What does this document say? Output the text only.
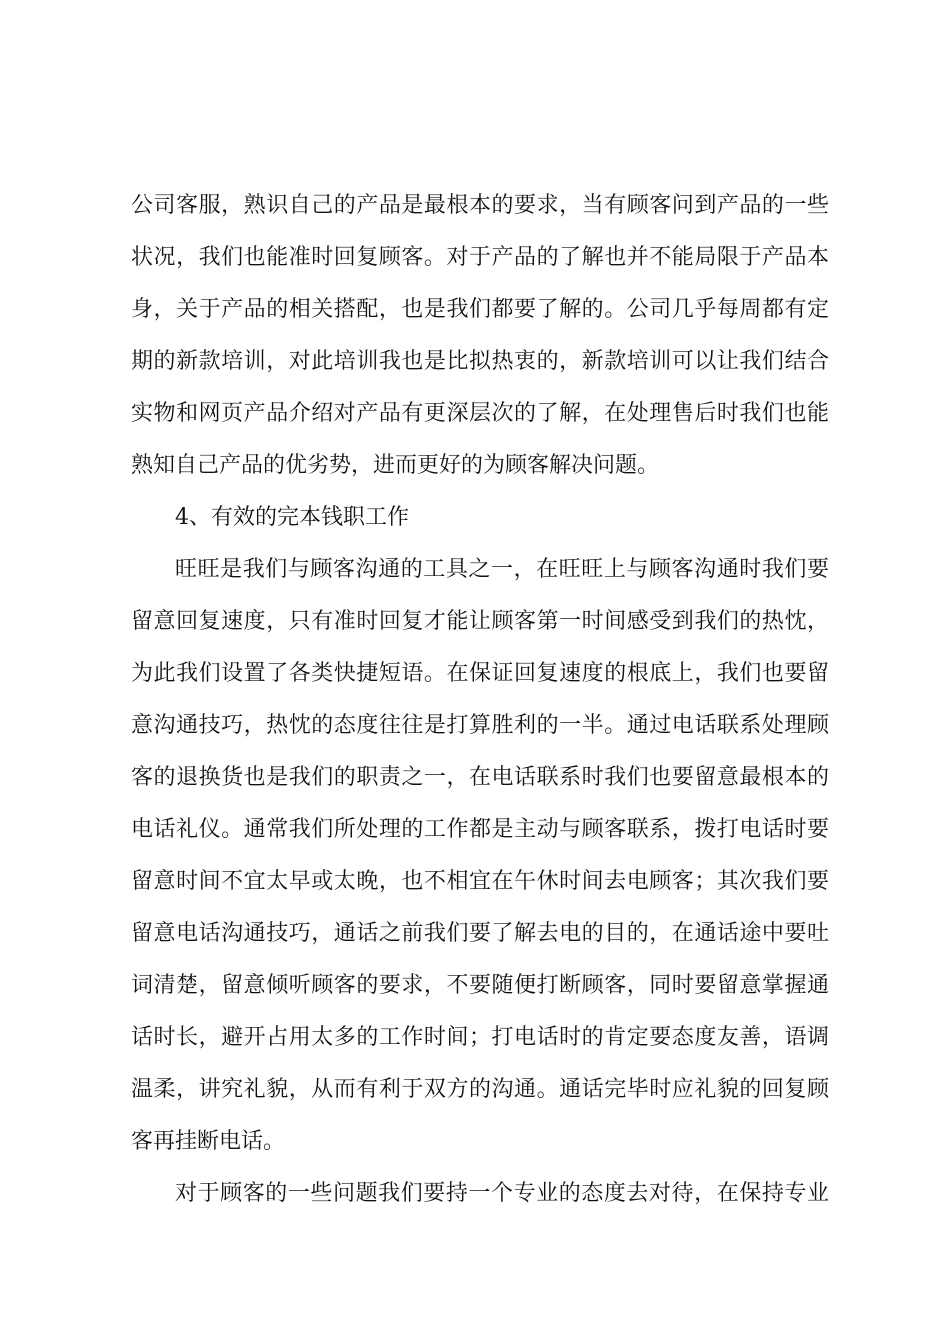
公司客服，熟识自己的产品是最根本的要求，当有顾客问到产品的一些
状况，我们也能准时回复顾客。对于产品的了解也并不能局限于产品本
身，关于产品的相关搭配，也是我们都要了解的。公司几乎每周都有定
期的新款培训，对此培训我也是比拟热衷的，新款培训可以让我们结合
实物和网页产品介绍对产品有更深层次的了解，在处理售后时我们也能
熟知自己产品的优劣势，进而更好的为顾客解决问题。
4、有效的完本钱职工作
旺旺是我们与顾客沟通的工具之一，在旺旺上与顾客沟通时我们要
留意回复速度，只有准时回复才能让顾客第一时间感受到我们的热忱，
为此我们设置了各类快捷短语。在保证回复速度的根底上，我们也要留
意沟通技巧，热忱的态度往往是打算胜利的一半。通过电话联系处理顾
客的退换货也是我们的职责之一，在电话联系时我们也要留意最根本的
电话礼仪。通常我们所处理的工作都是主动与顾客联系，拨打电话时要
留意时间不宜太早或太晚，也不相宜在午休时间去电顾客；其次我们要
留意电话沟通技巧，通话之前我们要了解去电的目的，在通话途中要吐
词清楚，留意倾听顾客的要求，不要随便打断顾客，同时要留意掌握通
话时长，避开占用太多的工作时间；打电话时的肯定要态度友善，语调
温柔，讲究礼貌，从而有利于双方的沟通。通话完毕时应礼貌的回复顾
客再挂断电话。
对于顾客的一些问题我们要持一个专业的态度去对待，在保持专业
